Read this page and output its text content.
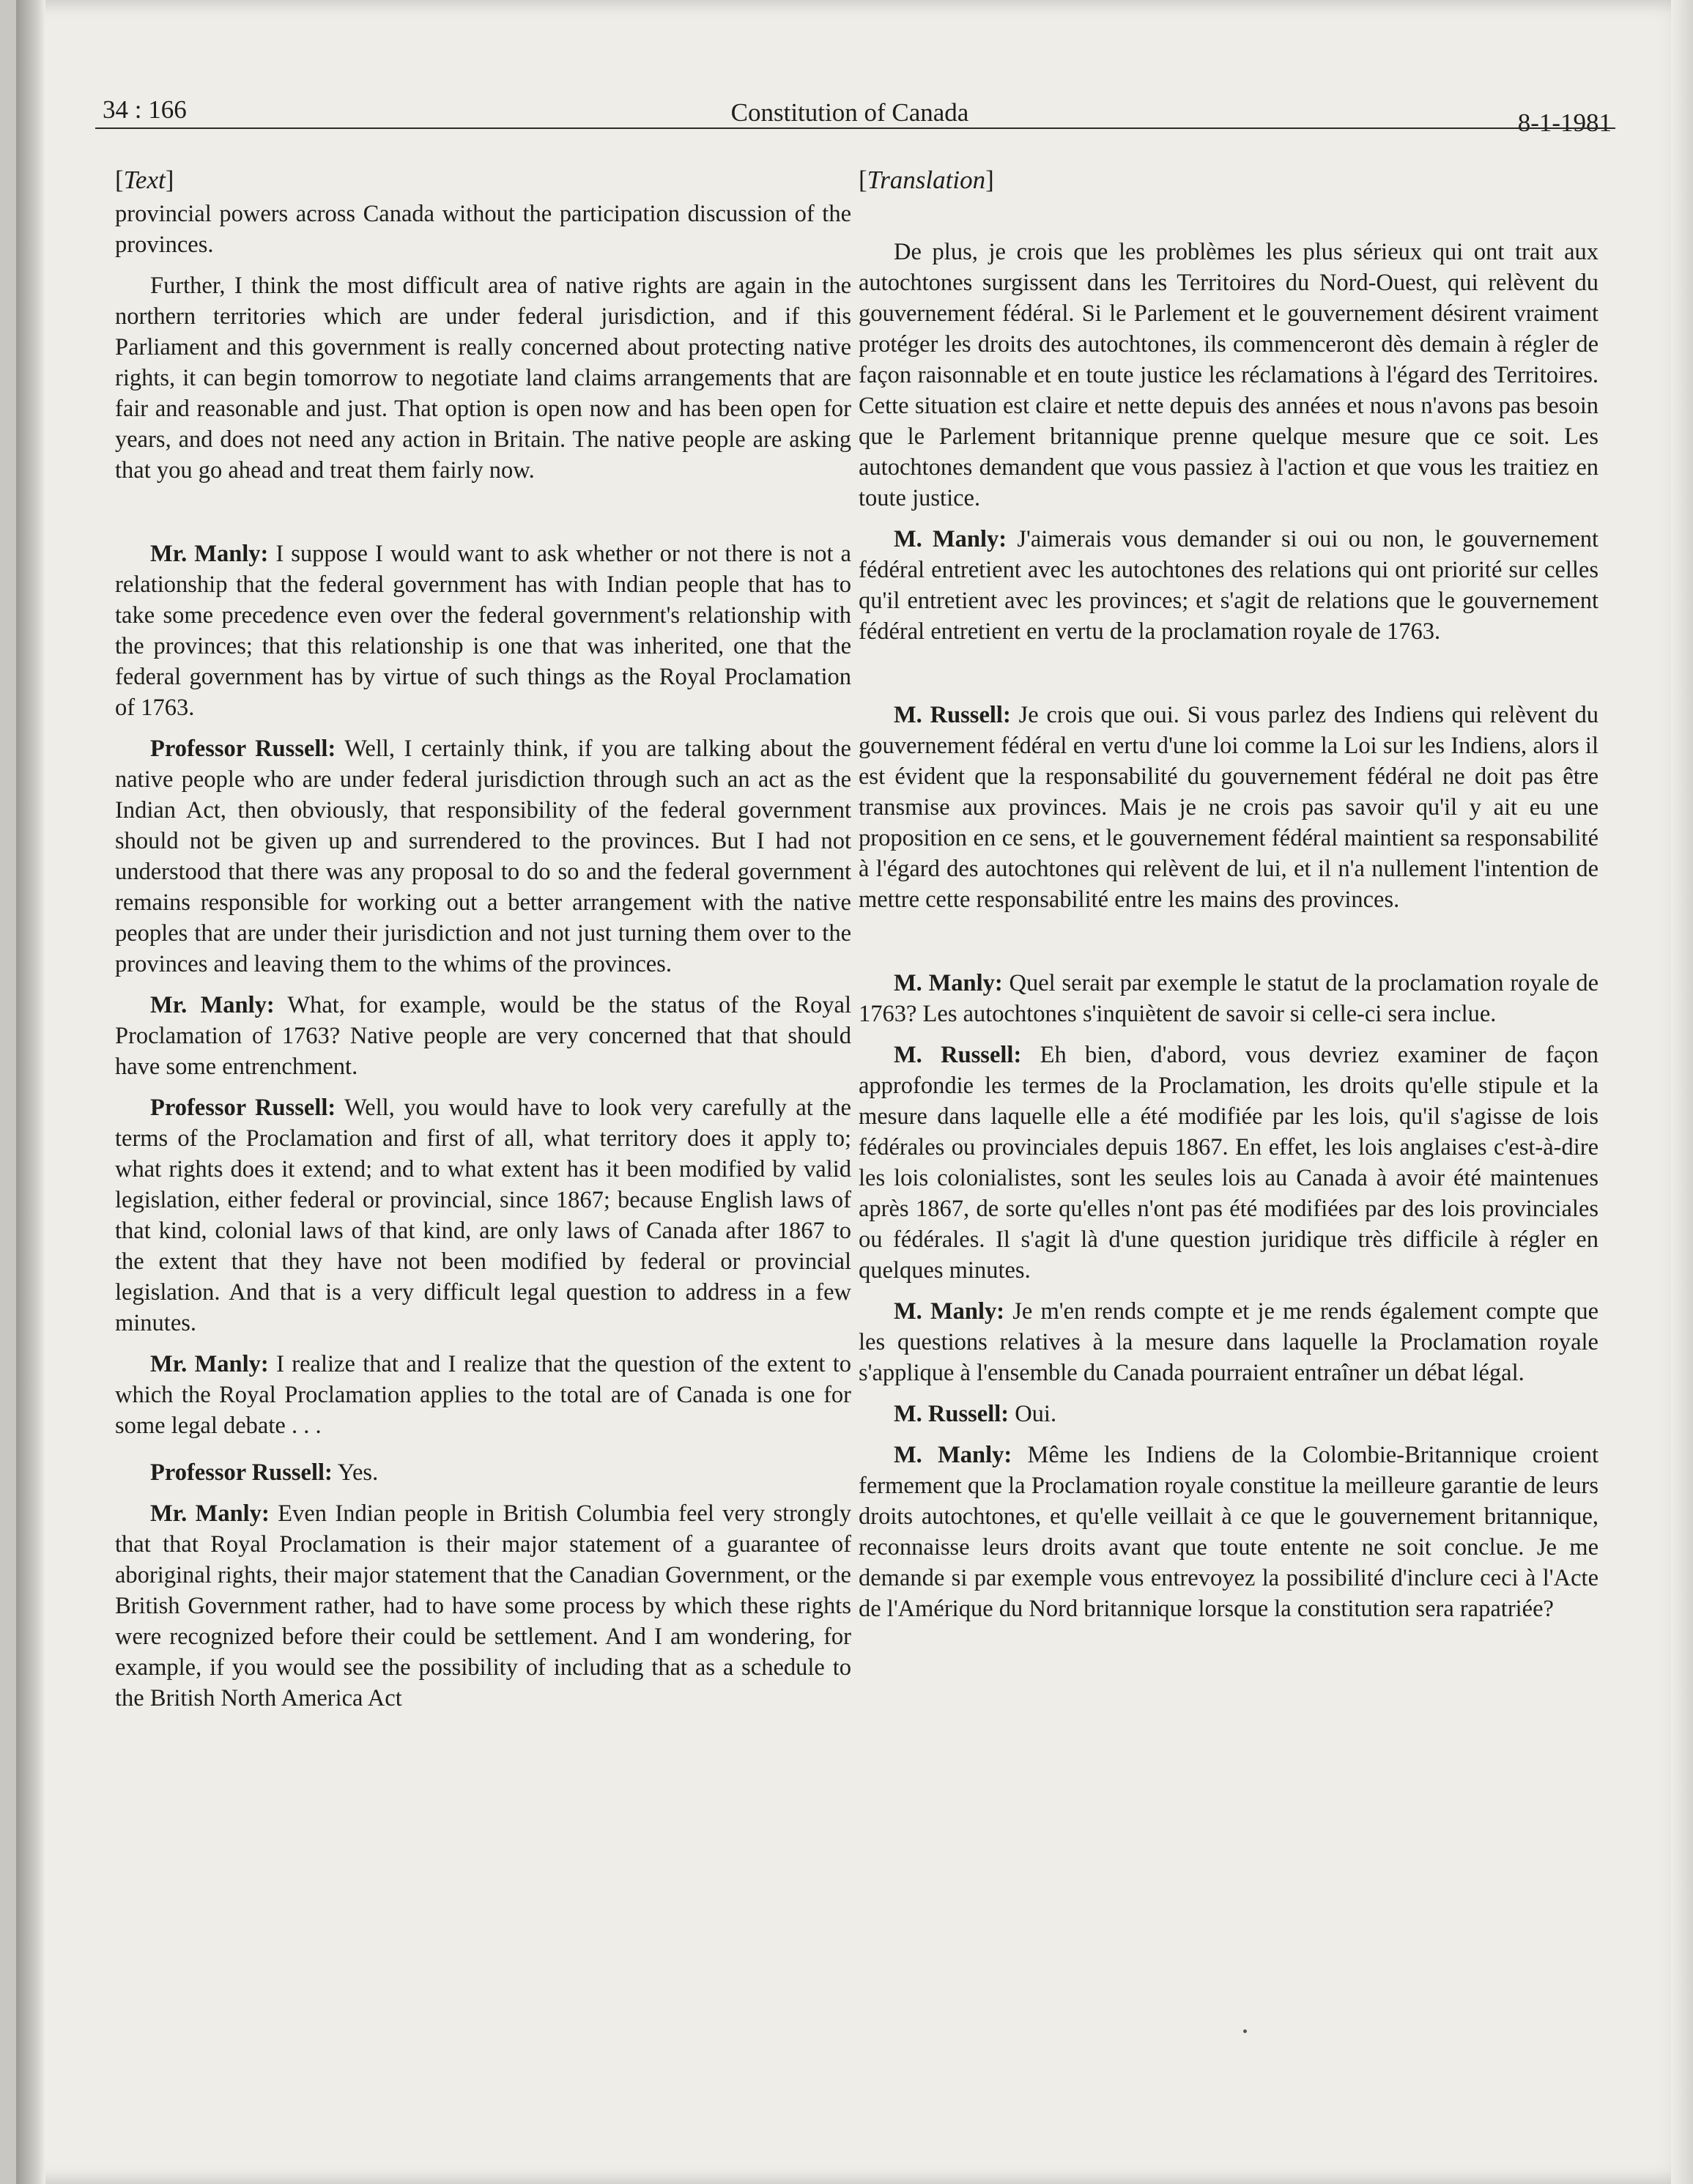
34 : 166	Constitution of Canada	8-1-1981
[Text]

provincial powers across Canada without the participation discussion of the provinces.

Further, I think the most difficult area of native rights are again in the northern territories which are under federal jurisdiction, and if this Parliament and this government is really concerned about protecting native rights, it can begin tomorrow to negotiate land claims arrangements that are fair and reasonable and just. That option is open now and has been open for years, and does not need any action in Britain. The native people are asking that you go ahead and treat them fairly now.

Mr. Manly: I suppose I would want to ask whether or not there is not a relationship that the federal government has with Indian people that has to take some precedence even over the federal government's relationship with the provinces; that this relationship is one that was inherited, one that the federal government has by virtue of such things as the Royal Proclamation of 1763.

Professor Russell: Well, I certainly think, if you are talking about the native people who are under federal jurisdiction through such an act as the Indian Act, then obviously, that responsibility of the federal government should not be given up and surrendered to the provinces. But I had not understood that there was any proposal to do so and the federal government remains responsible for working out a better arrangement with the native peoples that are under their jurisdiction and not just turning them over to the provinces and leaving them to the whims of the provinces.

Mr. Manly: What, for example, would be the status of the Royal Proclamation of 1763? Native people are very concerned that that should have some entrenchment.

Professor Russell: Well, you would have to look very carefully at the terms of the Proclamation and first of all, what territory does it apply to; what rights does it extend; and to what extent has it been modified by valid legislation, either federal or provincial, since 1867; because English laws of that kind, colonial laws of that kind, are only laws of Canada after 1867 to the extent that they have not been modified by federal or provincial legislation. And that is a very difficult legal question to address in a few minutes.

Mr. Manly: I realize that and I realize that the question of the extent to which the Royal Proclamation applies to the total are of Canada is one for some legal debate . . .

Professor Russell: Yes.

Mr. Manly: Even Indian people in British Columbia feel very strongly that that Royal Proclamation is their major statement of a guarantee of aboriginal rights, their major statement that the Canadian Government, or the British Government rather, had to have some process by which these rights were recognized before their could be settlement. And I am wondering, for example, if you would see the possibility of including that as a schedule to the British North America Act

[Translation]

De plus, je crois que les problèmes les plus sérieux qui ont trait aux autochtones surgissent dans les Territoires du Nord-Ouest, qui relèvent du gouvernement fédéral. Si le Parlement et le gouvernement désirent vraiment protéger les droits des autochtones, ils commenceront dès demain à régler de façon raisonnable et en toute justice les réclamations à l'égard des Territoires. Cette situation est claire et nette depuis des années et nous n'avons pas besoin que le Parlement britannique prenne quelque mesure que ce soit. Les autochtones demandent que vous passiez à l'action et que vous les traitiez en toute justice.

M. Manly: J'aimerais vous demander si oui ou non, le gouvernement fédéral entretient avec les autochtones des relations qui ont priorité sur celles qu'il entretient avec les provinces; et s'agit de relations que le gouvernement fédéral entretient en vertu de la proclamation royale de 1763.

M. Russell: Je crois que oui. Si vous parlez des Indiens qui relèvent du gouvernement fédéral en vertu d'une loi comme la Loi sur les Indiens, alors il est évident que la responsabilité du gouvernement fédéral ne doit pas être transmise aux provinces. Mais je ne crois pas savoir qu'il y ait eu une proposition en ce sens, et le gouvernement fédéral maintient sa responsabilité à l'égard des autochtones qui relèvent de lui, et il n'a nullement l'intention de mettre cette responsabilité entre les mains des provinces.

M. Manly: Quel serait par exemple le statut de la proclamation royale de 1763? Les autochtones s'inquiètent de savoir si celle-ci sera inclue.

M. Russell: Eh bien, d'abord, vous devriez examiner de façon approfondie les termes de la Proclamation, les droits qu'elle stipule et la mesure dans laquelle elle a été modifiée par les lois, qu'il s'agisse de lois fédérales ou provinciales depuis 1867. En effet, les lois anglaises c'est-à-dire les lois colonialistes, sont les seules lois au Canada à avoir été maintenues après 1867, de sorte qu'elles n'ont pas été modifiées par des lois provinciales ou fédérales. Il s'agit là d'une question juridique très difficile à régler en quelques minutes.

M. Manly: Je m'en rends compte et je me rends également compte que les questions relatives à la mesure dans laquelle la Proclamation royale s'applique à l'ensemble du Canada pourraient entraîner un débat légal.

M. Russell: Oui.

M. Manly: Même les Indiens de la Colombie-Britannique croient fermement que la Proclamation royale constitue la meilleure garantie de leurs droits autochtones, et qu'elle veillait à ce que le gouvernement britannique, reconnaisse leurs droits avant que toute entente ne soit conclue. Je me demande si par exemple vous entrevoyez la possibilité d'inclure ceci à l'Acte de l'Amérique du Nord britannique lorsque la constitution sera rapatriée?
